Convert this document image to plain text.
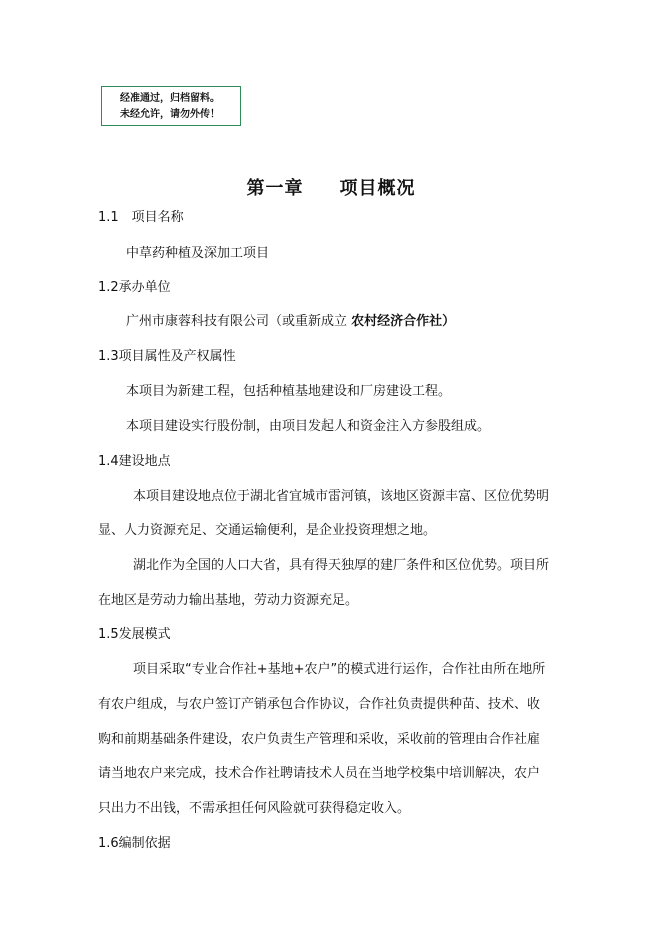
经准通过，归档留料。
未经允许，请勿外传！
第一章 项目概况
1.1　项目名称
中草药种植及深加工项目
1.2承办单位
广州市康蓉科技有限公司（或重新成立 农村经济合作社）
1.3项目属性及产权属性
本项目为新建工程，包括种植基地建设和厂房建设工程。
本项目建设实行股份制，由项目发起人和资金注入方参股组成。
1.4建设地点
本项目建设地点位于湖北省宜城市雷河镇，该地区资源丰富、区位优势明
显、人力资源充足、交通运输便利，是企业投资理想之地。
湖北作为全国的人口大省，具有得天独厚的建厂条件和区位优势。项目所
在地区是劳动力输出基地，劳动力资源充足。
1.5发展模式
项目采取“专业合作社+基地+农户”的模式进行运作，合作社由所在地所
有农户组成，与农户签订产销承包合作协议，合作社负责提供种苗、技术、收
购和前期基础条件建设，农户负责生产管理和采收，采收前的管理由合作社雇
请当地农户来完成，技术合作社聘请技术人员在当地学校集中培训解决，农户
只出力不出钱，不需承担任何风险就可获得稳定收入。
1.6编制依据
